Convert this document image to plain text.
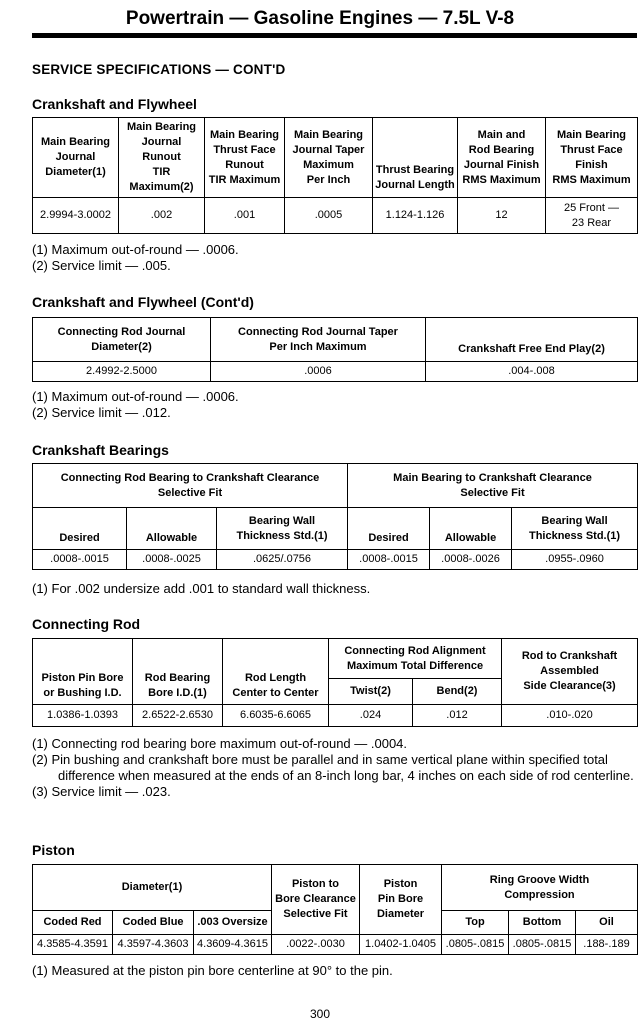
Powertrain — Gasoline Engines — 7.5L V-8
SERVICE SPECIFICATIONS — CONT'D
Crankshaft and Flywheel
Main Bearing
Journal
Diameter(1)	Main Bearing
Journal Runout
TIR
Maximum(2)	Main Bearing
Thrust Face
Runout
TIR Maximum	Main Bearing
Journal Taper
Maximum
Per Inch	Thrust Bearing
Journal Length	Main and
Rod Bearing
Journal Finish
RMS Maximum	Main Bearing
Thrust Face
Finish
RMS Maximum
2.9994-3.0002	.002	.001	.0005	1.124-1.126	12	25 Front —
23 Rear
(1) Maximum out-of-round — .0006.
(2) Service limit — .005.
Crankshaft and Flywheel (Cont'd)
Connecting Rod Journal
Diameter(2)	Connecting Rod Journal Taper
Per Inch Maximum	Crankshaft Free End Play(2)
2.4992-2.5000	.0006	.004-.008
(1) Maximum out-of-round — .0006.
(2) Service limit — .012.
Crankshaft Bearings
Connecting Rod Bearing to Crankshaft Clearance
Selective Fit			Main Bearing to Crankshaft Clearance
Selective Fit		
Desired	Allowable	Bearing Wall
Thickness Std.(1)	Desired	Allowable	Bearing Wall
Thickness Std.(1)
.0008-.0015	.0008-.0025	.0625/.0756	.0008-.0015	.0008-.0026	.0955-.0960
(1) For .002 undersize add .001 to standard wall thickness.
Connecting Rod
Piston Pin Bore
or Bushing I.D.	Rod Bearing
Bore I.D.(1)	Rod Length
Center to Center	Connecting Rod Alignment
Maximum Total Difference		Rod to Crankshaft
Assembled
Side Clearance(3)
			Twist(2)	Bend(2)	
1.0386-1.0393	2.6522-2.6530	6.6035-6.6065	.024	.012	.010-.020
(1) Connecting rod bearing bore maximum out-of-round — .0004.
(2) Pin bushing and crankshaft bore must be parallel and in same vertical plane within specified total difference when measured at the ends of an 8-inch long bar, 4 inches on each side of rod centerline.
(3) Service limit — .023.
Piston
Diameter(1)			Piston to
Bore Clearance
Selective Fit	Piston
Pin Bore
Diameter	Ring Groove Width
Compression		
Coded Red	Coded Blue	.003 Oversize			Top	Bottom	Oil
4.3585-4.3591	4.3597-4.3603	4.3609-4.3615	.0022-.0030	1.0402-1.0405	.0805-.0815	.0805-.0815	.188-.189
(1) Measured at the piston pin bore centerline at 90° to the pin.
300
